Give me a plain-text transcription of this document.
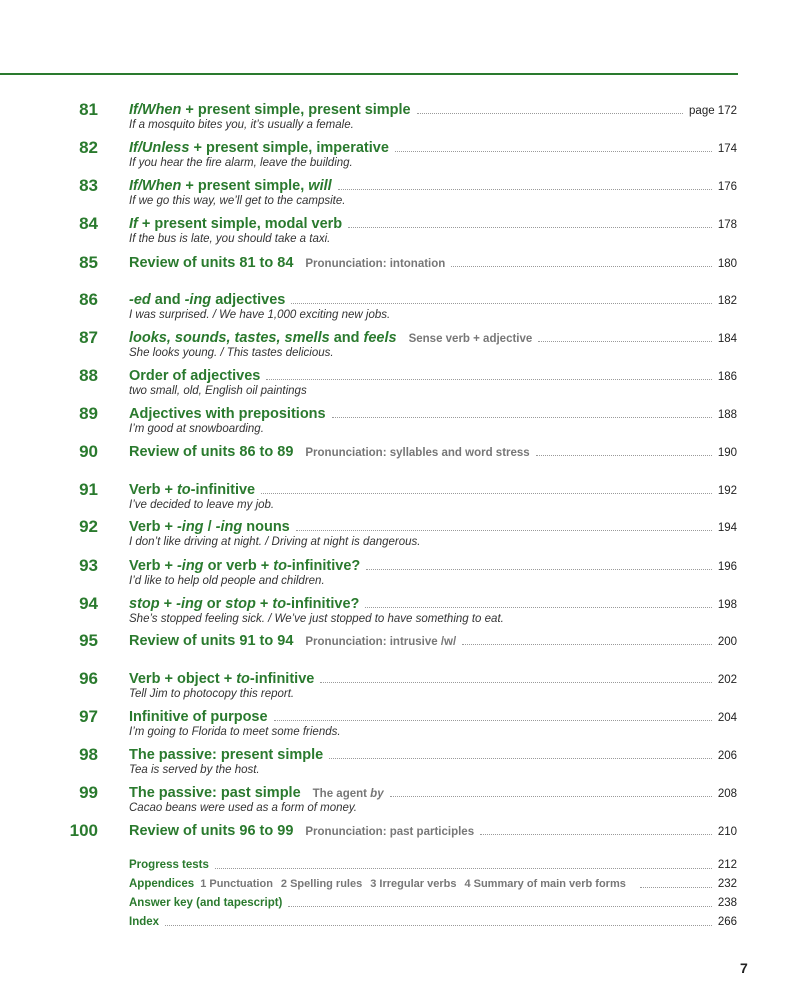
81 If/When + present simple, present simple	page 172
If a mosquito bites you, it’s usually a female.
82 If/Unless + present simple, imperative	174
If you hear the fire alarm, leave the building.
83 If/When + present simple, will	176
If we go this way, we’ll get to the campsite.
84 If + present simple, modal verb	178
If the bus is late, you should take a taxi.
85 Review of units 81 to 84 Pronunciation: intonation	180
86 -ed and -ing adjectives	182
I was surprised. / We have 1,000 exciting new jobs.
87 looks, sounds, tastes, smells and feels Sense verb + adjective	184
She looks young. / This tastes delicious.
88 Order of adjectives	186
two small, old, English oil paintings
89 Adjectives with prepositions	188
I’m good at snowboarding.
90 Review of units 86 to 89 Pronunciation: syllables and word stress	190
91 Verb + to-infinitive	192
I’ve decided to leave my job.
92 Verb + -ing / -ing nouns	194
I don’t like driving at night. / Driving at night is dangerous.
93 Verb + -ing or verb + to-infinitive?	196
I’d like to help old people and children.
94 stop + -ing or stop + to-infinitive?	198
She’s stopped feeling sick. / We’ve just stopped to have something to eat.
95 Review of units 91 to 94 Pronunciation: intrusive /w/	200
96 Verb + object + to-infinitive	202
Tell Jim to photocopy this report.
97 Infinitive of purpose	204
I’m going to Florida to meet some friends.
98 The passive: present simple	206
Tea is served by the host.
99 The passive: past simple The agent by	208
Cacao beans were used as a form of money.
100 Review of units 96 to 99 Pronunciation: past participles	210
Progress tests	212
Appendices 1 Punctuation 2 Spelling rules 3 Irregular verbs 4 Summary of main verb forms	232
Answer key (and tapescript)	238
Index	266
7
